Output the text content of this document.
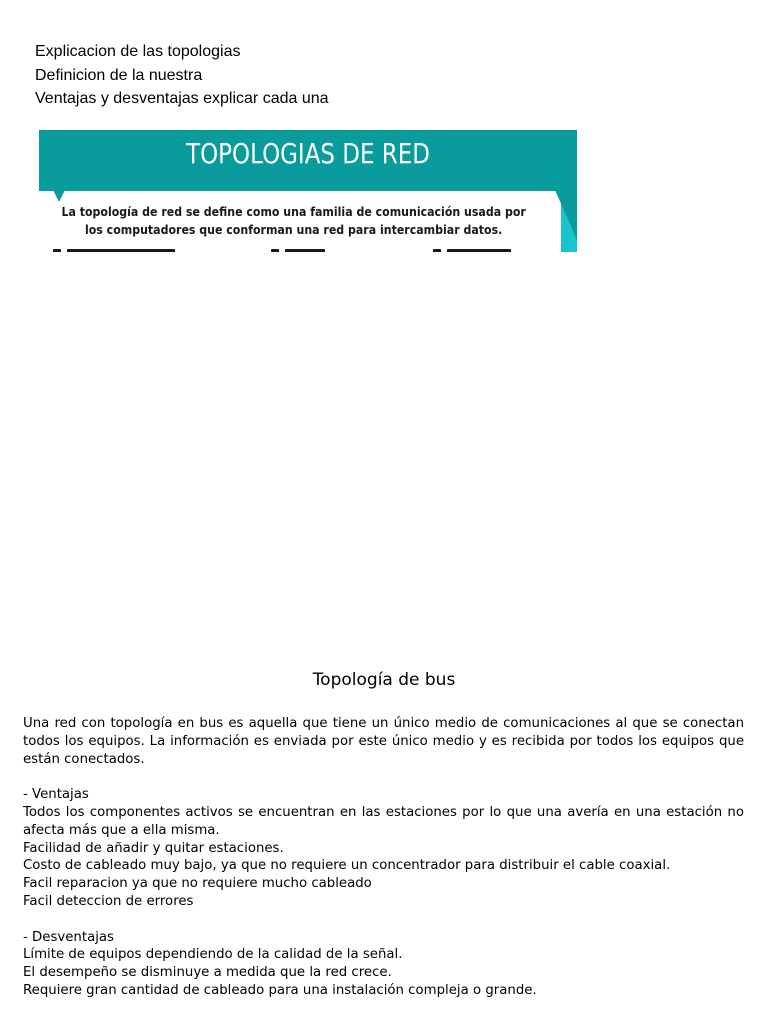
Explicacion de las topologias
Definicion de la nuestra
Ventajas y desventajas explicar cada una
TOPOLOGIAS DE RED
La topología de red se define como una familia de comunicación usada por
los computadores que conforman una red para intercambiar datos.
Topología de bus

Una red con topología en bus es aquella que tiene un único medio de comunicaciones al que se conectan todos los equipos. La información es enviada por este único medio y es recibida por todos los equipos que están conectados.

- Ventajas

Todos los componentes activos se encuentran en las estaciones por lo que una avería en una estación no afecta más que a ella misma.

Facilidad de añadir y quitar estaciones.

Costo de cableado muy bajo, ya que no requiere un concentrador para distribuir el cable coaxial.

Facil reparacion ya que no requiere mucho cableado

Facil deteccion de errores

- Desventajas

Límite de equipos dependiendo de la calidad de la señal.

El desempeño se disminuye a medida que la red crece.

Requiere gran cantidad de cableado para una instalación compleja o grande.
